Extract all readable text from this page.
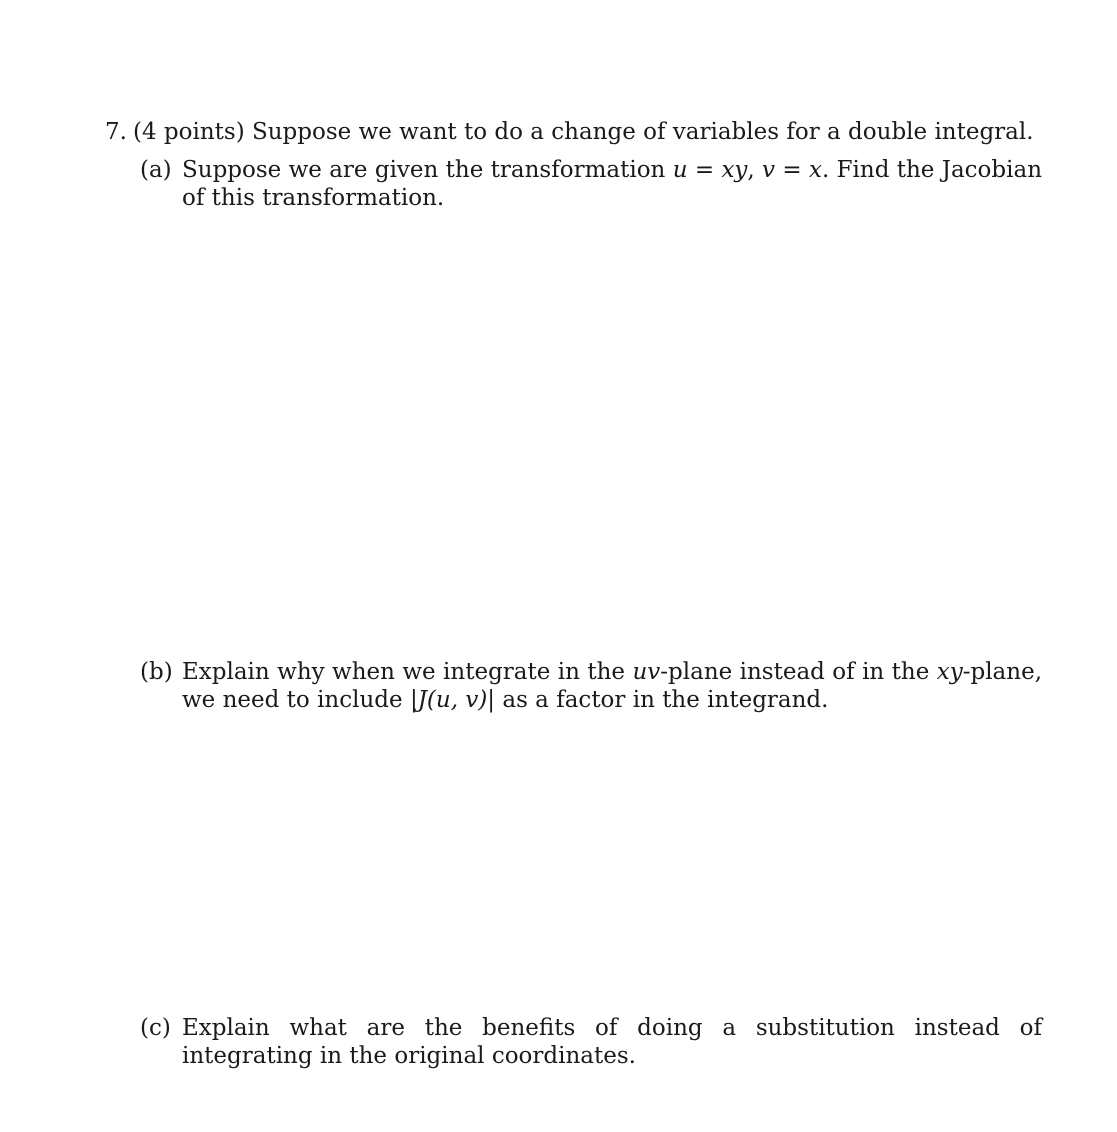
7. (4 points) Suppose we want to do a change of variables for a double integral.
(a) Suppose we are given the transformation u = xy, v = x. Find the Jacobian of this transformation.
(b) Explain why when we integrate in the uv-plane instead of in the xy-plane, we need to include |J(u, v)| as a factor in the integrand.
(c) Explain what are the benefits of doing a substitution instead of integrating in the original coordinates.
